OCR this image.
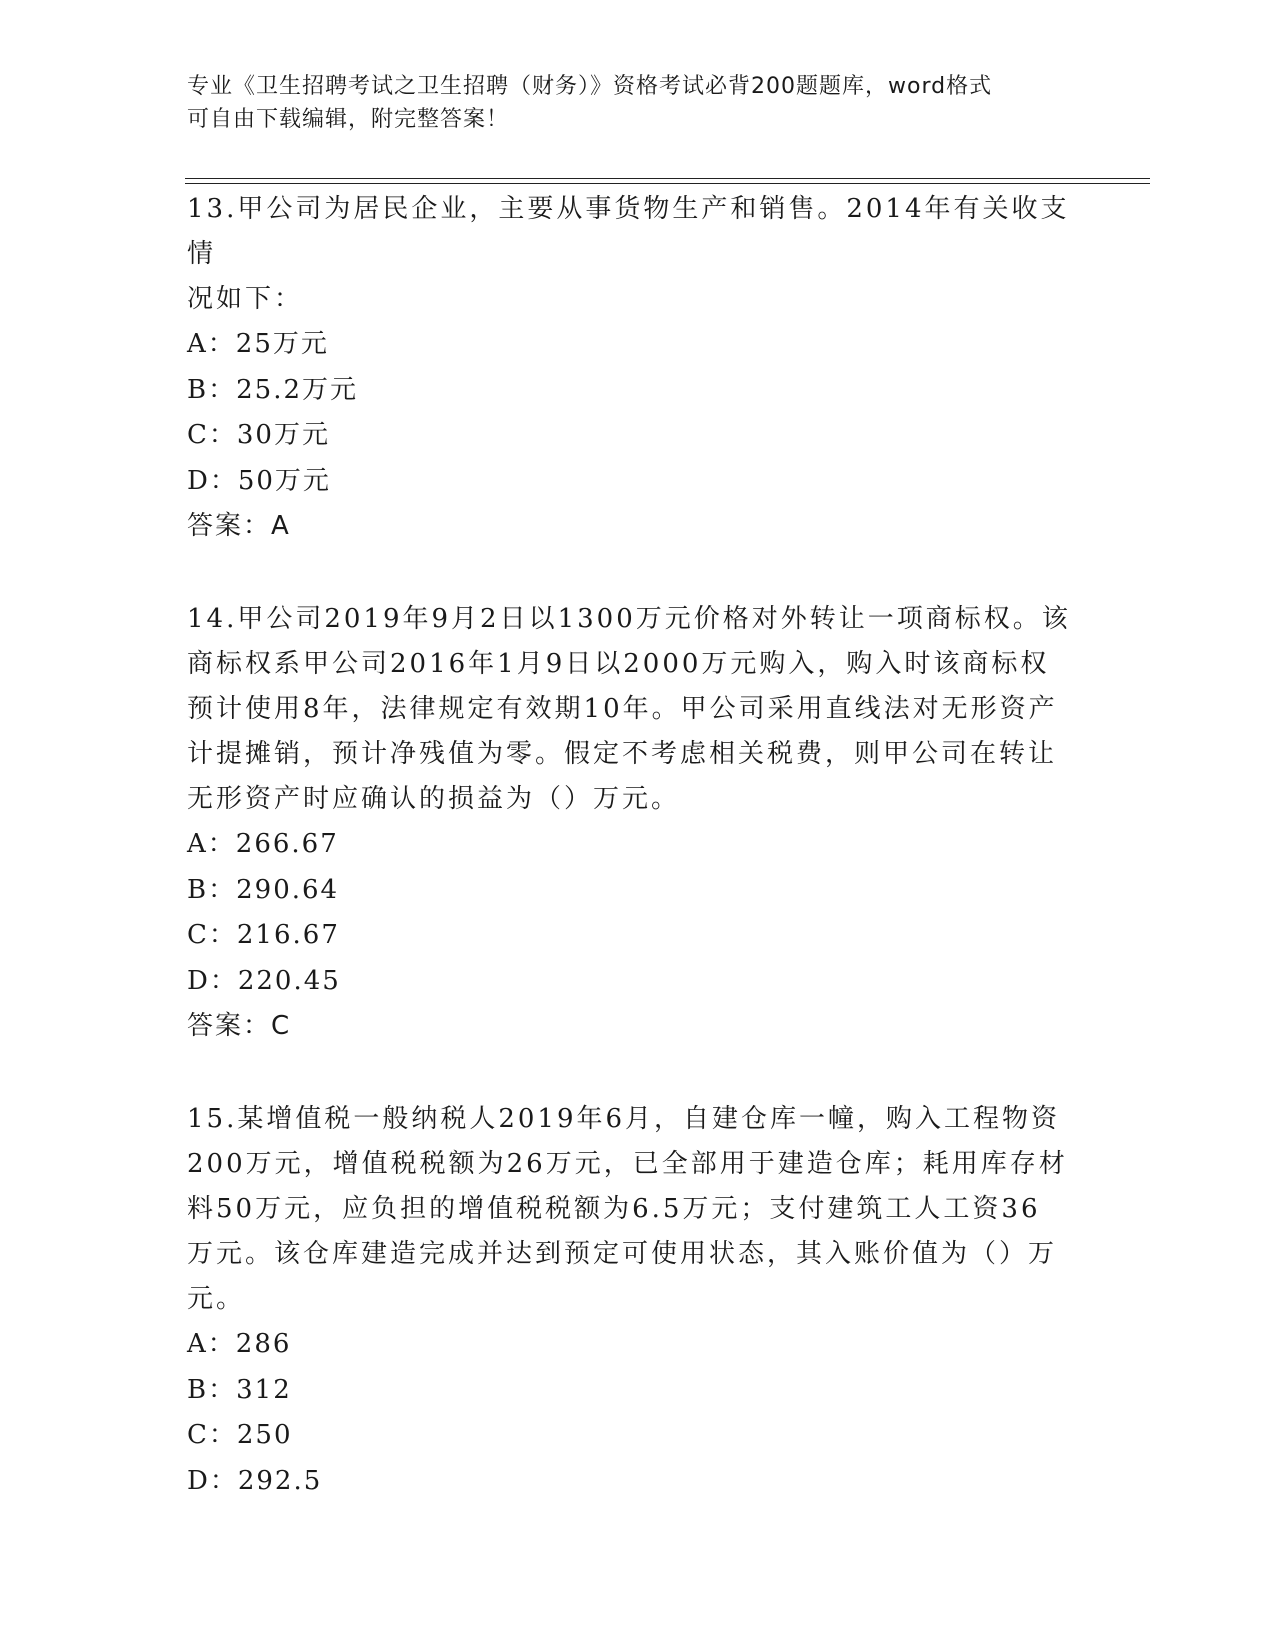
专业《卫生招聘考试之卫生招聘（财务）》资格考试必背200题题库，word格式
可自由下载编辑，附完整答案！
13.甲公司为居民企业，主要从事货物生产和销售。2014年有关收支情
况如下：
A：25万元
B：25.2万元
C：30万元
D：50万元
答案：A
14.甲公司2019年9月2日以1300万元价格对外转让一项商标权。该
商标权系甲公司2016年1月9日以2000万元购入，购入时该商标权
预计使用8年，法律规定有效期10年。甲公司采用直线法对无形资产
计提摊销，预计净残值为零。假定不考虑相关税费，则甲公司在转让
无形资产时应确认的损益为（）万元。
A：266.67
B：290.64
C：216.67
D：220.45
答案：C
15.某增值税一般纳税人2019年6月，自建仓库一幢，购入工程物资
200万元，增值税税额为26万元，已全部用于建造仓库；耗用库存材
料50万元，应负担的增值税税额为6.5万元；支付建筑工人工资36
万元。该仓库建造完成并达到预定可使用状态，其入账价值为（）万
元。
A：286
B：312
C：250
D：292.5
